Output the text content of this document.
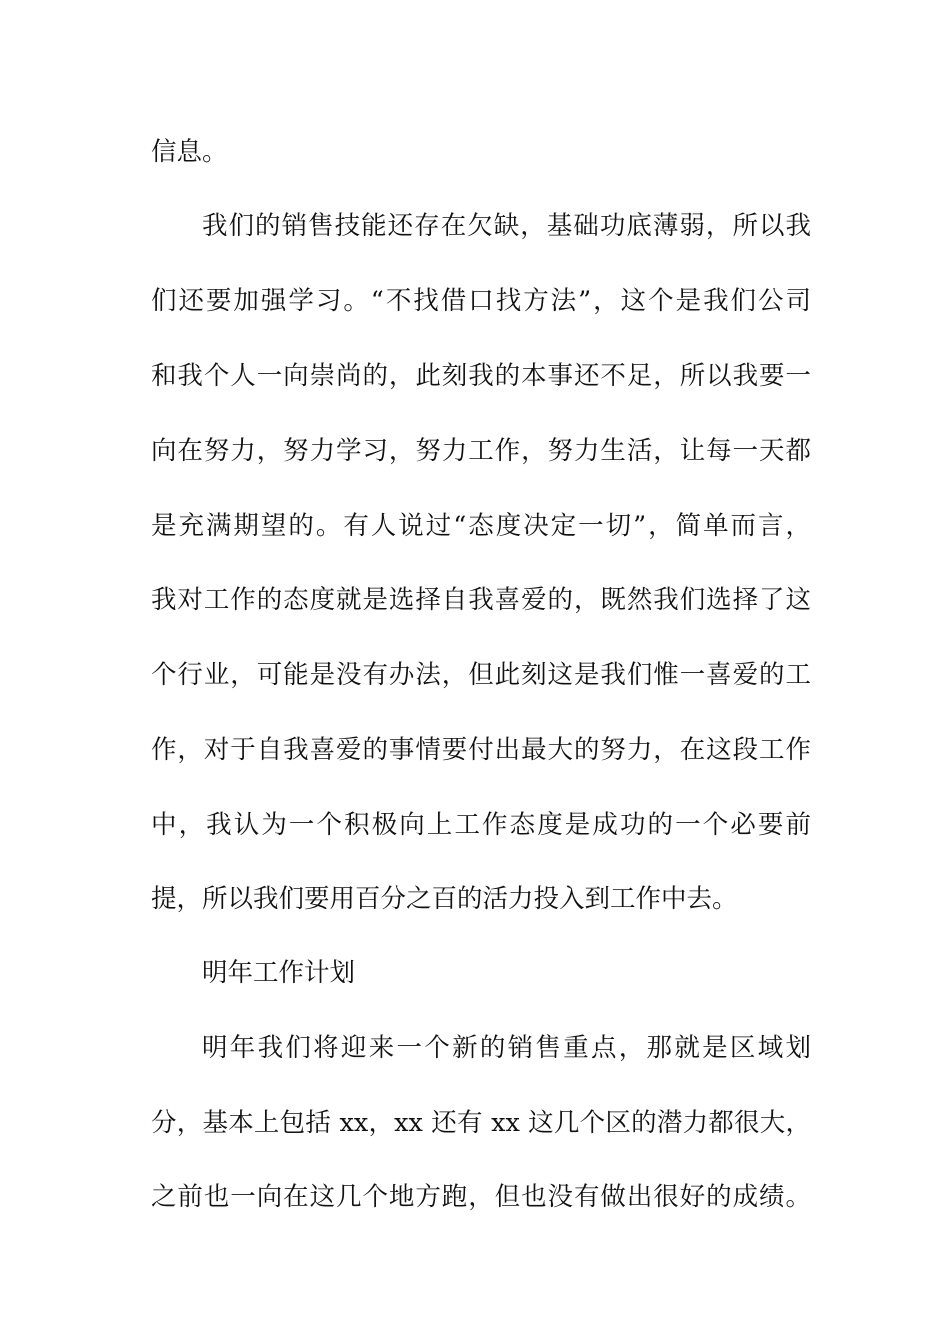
信息。
我们的销售技能还存在欠缺，基础功底薄弱，所以我
们还要加强学习。“不找借口找方法”，这个是我们公司
和我个人一向崇尚的，此刻我的本事还不足，所以我要一
向在努力，努力学习，努力工作，努力生活，让每一天都
是充满期望的。有人说过“态度决定一切”，简单而言，
我对工作的态度就是选择自我喜爱的，既然我们选择了这
个行业，可能是没有办法，但此刻这是我们惟一喜爱的工
作，对于自我喜爱的事情要付出最大的努力，在这段工作
中，我认为一个积极向上工作态度是成功的一个必要前
提，所以我们要用百分之百的活力投入到工作中去。
明年工作计划
明年我们将迎来一个新的销售重点，那就是区域划
分，基本上包括 xx，xx 还有 xx 这几个区的潜力都很大，
之前也一向在这几个地方跑，但也没有做出很好的成绩。
